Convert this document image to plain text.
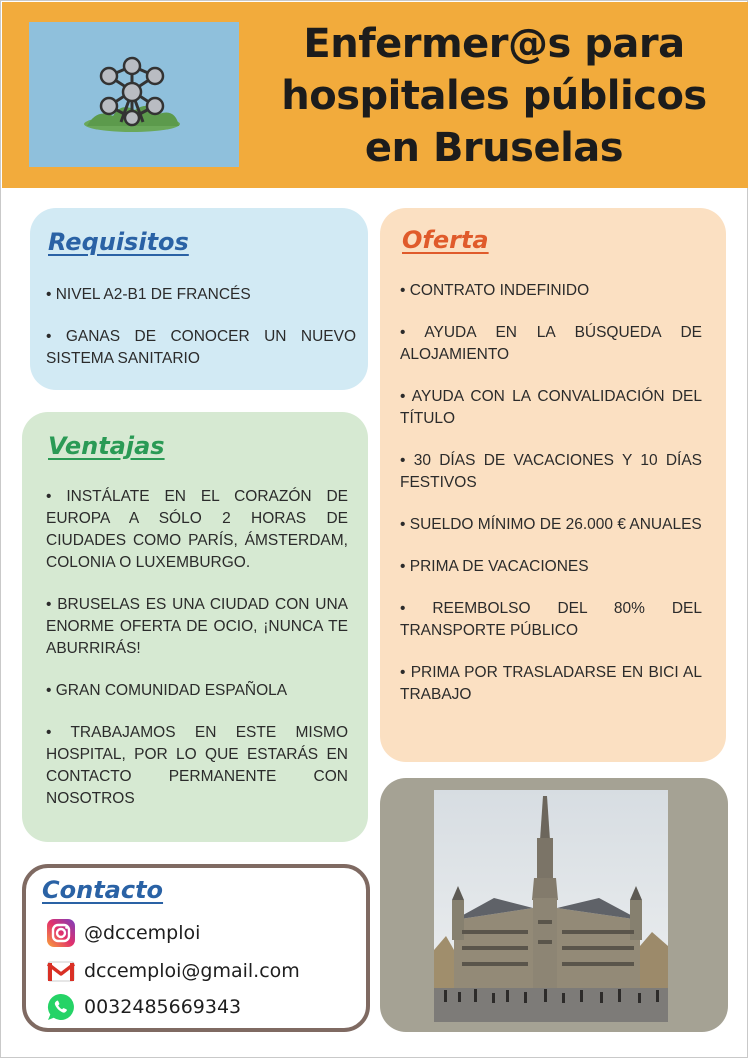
Enfermer@s para
hospitales públicos
en Bruselas
Requisitos
• NIVEL A2-B1 DE FRANCÉS
• GANAS DE CONOCER UN NUEVO SISTEMA SANITARIO
Ventajas
• INSTÁLATE EN EL CORAZÓN DE EUROPA A SÓLO 2 HORAS DE CIUDADES COMO PARÍS, ÁMSTERDAM, COLONIA O LUXEMBURGO.
• BRUSELAS ES UNA CIUDAD CON UNA ENORME OFERTA DE OCIO, ¡NUNCA TE ABURRIRÁS!
• GRAN COMUNIDAD ESPAÑOLA
• TRABAJAMOS EN ESTE MISMO HOSPITAL, POR LO QUE ESTARÁS EN CONTACTO PERMANENTE CON NOSOTROS
Oferta
• CONTRATO INDEFINIDO
• AYUDA EN LA BÚSQUEDA DE ALOJAMIENTO
• AYUDA CON LA CONVALIDACIÓN DEL TÍTULO
• 30 DÍAS DE VACACIONES Y 10 DÍAS FESTIVOS
• SUELDO MÍNIMO DE 26.000 € ANUALES
• PRIMA DE VACACIONES
• REEMBOLSO DEL 80% DEL TRANSPORTE PÚBLICO
• PRIMA POR TRASLADARSE EN BICI AL TRABAJO
Contacto
@dccemploi
dccemploi@gmail.com
0032485669343
